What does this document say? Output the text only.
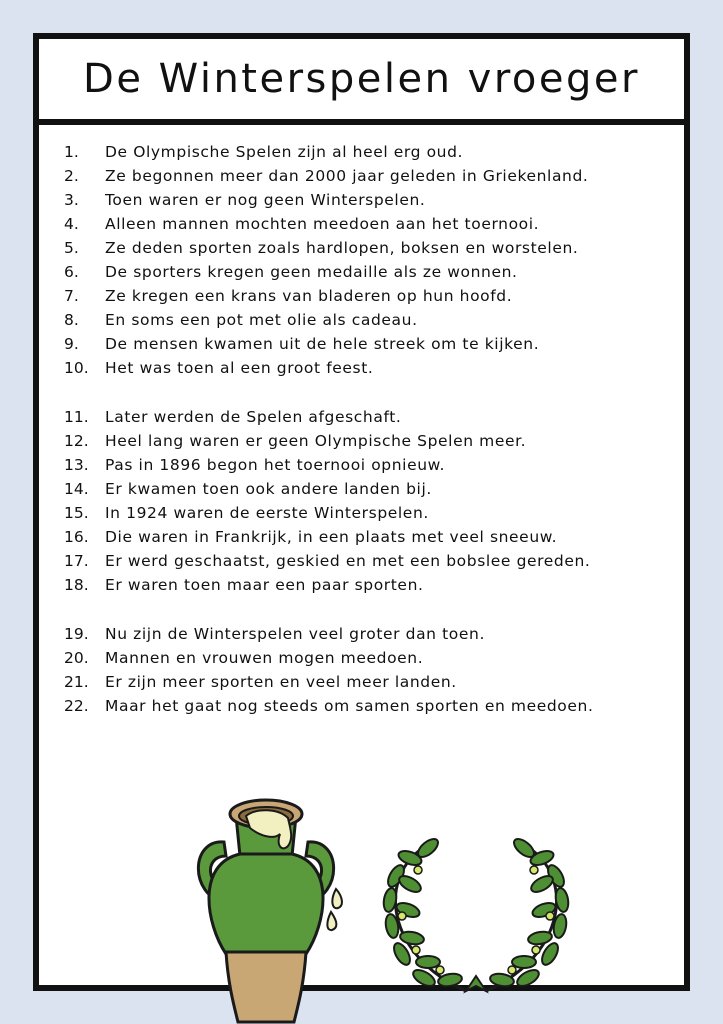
De Winterspelen vroeger
1.	De Olympische Spelen zijn al heel erg oud.
2.	Ze begonnen meer dan 2000 jaar geleden in Griekenland.
3.	Toen waren er nog geen Winterspelen.
4.	Alleen mannen mochten meedoen aan het toernooi.
5.	Ze deden sporten zoals hardlopen, boksen en worstelen.
6.	De sporters kregen geen medaille als ze wonnen.
7.	Ze kregen een krans van bladeren op hun hoofd.
8.	En soms een pot met olie als cadeau.
9.	De mensen kwamen uit de hele streek om te kijken.
10.	Het was toen al een groot feest.
11.	Later werden de Spelen afgeschaft.
12.	Heel lang waren er geen Olympische Spelen meer.
13.	Pas in 1896 begon het toernooi opnieuw.
14.	Er kwamen toen ook andere landen bij.
15.	In 1924 waren de eerste Winterspelen.
16.	Die waren in Frankrijk, in een plaats met veel sneeuw.
17.	Er werd geschaatst, geskied en met een bobslee gereden.
18.	Er waren toen maar een paar sporten.
19.	Nu zijn de Winterspelen veel groter dan toen.
20.	Mannen en vrouwen mogen meedoen.
21.	Er zijn meer sporten en veel meer landen.
22.	Maar het gaat nog steeds om samen sporten en meedoen.
